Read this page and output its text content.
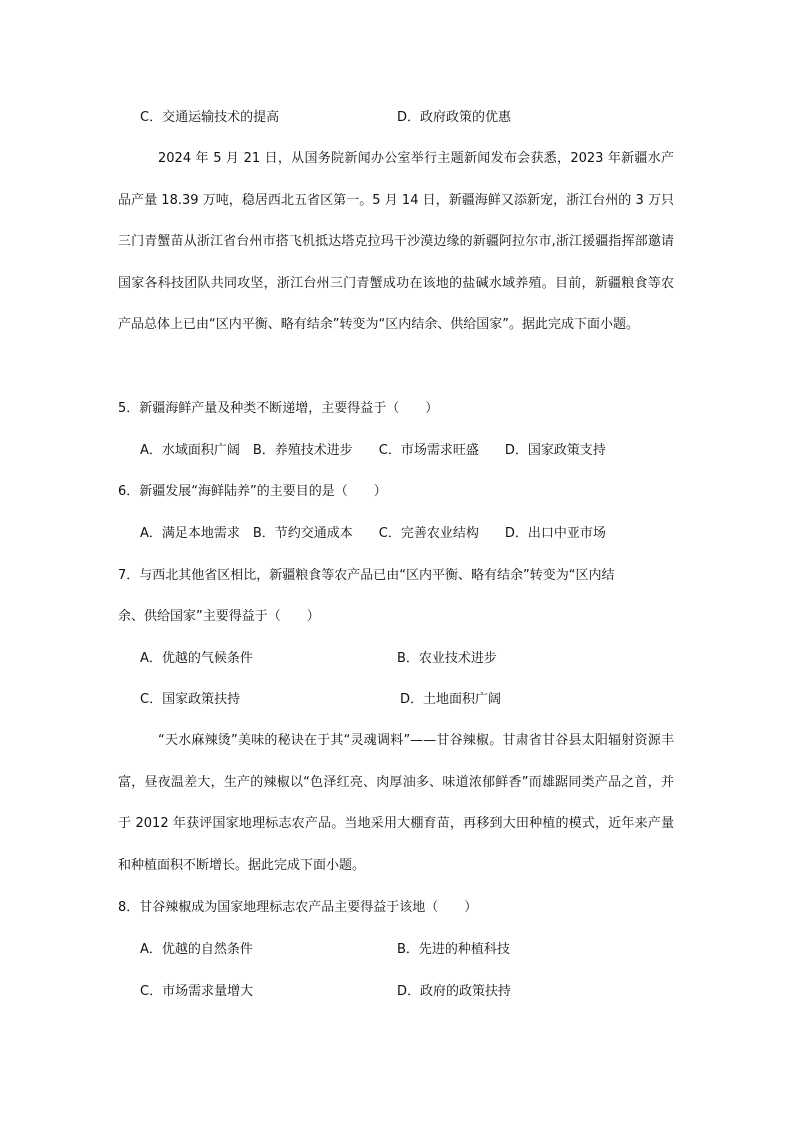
C．交通运输技术的提高	D．政府政策的优惠
2024 年 5 月 21 日，从国务院新闻办公室举行主题新闻发布会获悉，2023 年新疆水产品产量 18.39 万吨，稳居西北五省区第一。5 月 14 日，新疆海鲜又添新宠，浙江台州的 3 万只三门青蟹苗从浙江省台州市搭飞机抵达塔克拉玛干沙漠边缘的新疆阿拉尔市,浙江援疆指挥部邀请国家各科技团队共同攻坚，浙江台州三门青蟹成功在该地的盐碱水域养殖。目前，新疆粮食等农产品总体上已由“区内平衡、略有结余”转变为“区内结余、供给国家”。据此完成下面小题。
5．新疆海鲜产量及种类不断递增，主要得益于（　　）
A．水域面积广阔　B．养殖技术进步　　C．市场需求旺盛　　D．国家政策支持
6．新疆发展“海鲜陆养”的主要目的是（　　）
A．满足本地需求　B．节约交通成本　　C．完善农业结构　　D．出口中亚市场
7．与西北其他省区相比，新疆粮食等农产品已由“区内平衡、略有结余”转变为“区内结
余、供给国家”主要得益于（　　）
A．优越的气候条件	B．农业技术进步
C．国家政策扶持	D．土地面积广阔
“天水麻辣烫”美味的秘诀在于其“灵魂调料”——甘谷辣椒。甘肃省甘谷县太阳辐射资源丰富，昼夜温差大，生产的辣椒以“色泽红亮、肉厚油多、味道浓郁鲜香”而雄踞同类产品之首，并于 2012 年获评国家地理标志农产品。当地采用大棚育苗，再移到大田种植的模式，近年来产量和种植面积不断增长。据此完成下面小题。
8．甘谷辣椒成为国家地理标志农产品主要得益于该地（　　）
A．优越的自然条件	B．先进的种植科技
C．市场需求量增大	D．政府的政策扶持
